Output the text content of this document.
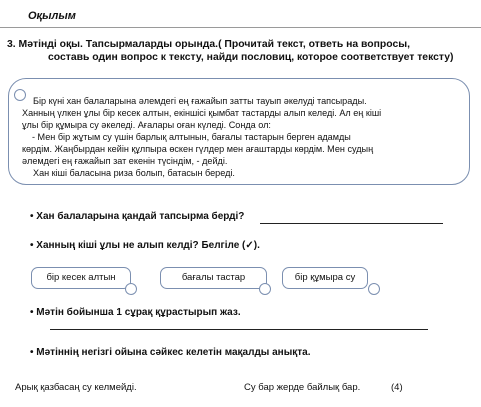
Оқылым
3. Мәтінді оқы. Тапсырмаларды орында.( Прочитай текст, ответь на вопросы,
составь один вопрос к тексту, найди пословиц, которое соответствует тексту)
Бір күні хан балаларына әлемдегі ең ғажайып затты тауып әкелуді тапсырады.
Ханның үлкен ұлы бір кесек алтын, екіншісі қымбат тастарды алып келеді. Ал ең кіші
ұлы бір құмыра су әкеледі. Ағалары оған күледі. Сонда ол:
- Мен бір жұтым су үшін барлық алтынын, бағалы тастарын берген адамды
көрдім. Жаңбырдан кейін құлпыра өскен гүлдер мен ағаштарды көрдім. Мен судың
әлемдегі ең ғажайып зат екенін түсіндім, - дейді.
Хан кіші баласына риза болып, батасын береді.
• Хан балаларына қандай тапсырма берді?
• Ханның кіші ұлы не алып келді? Белгіле (✓).
бір кесек алтын	бағалы тастар	бір құмыра су
• Мәтін бойынша 1 сұрақ құрастырып жаз.
• Мәтіннің негізгі ойына сәйкес келетін мақалды анықта.
Арық қазбасаң су келмейді.	Су бар жерде байлық бар.	(4)
